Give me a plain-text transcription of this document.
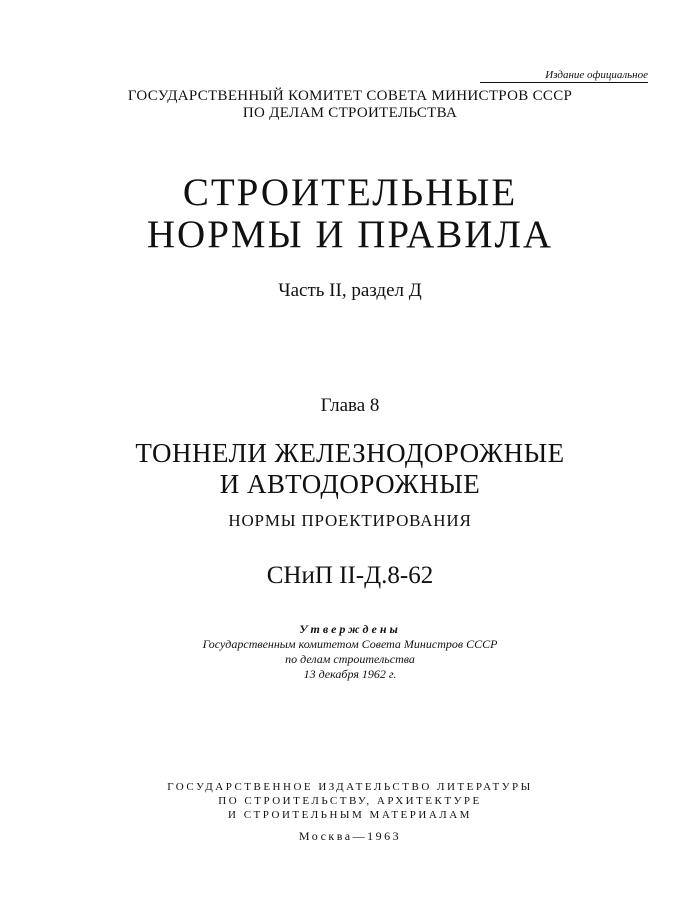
Издание официальное
ГОСУДАРСТВЕННЫЙ КОМИТЕТ СОВЕТА МИНИСТРОВ СССР
ПО ДЕЛАМ СТРОИТЕЛЬСТВА
СТРОИТЕЛЬНЫЕ
НОРМЫ И ПРАВИЛА
Часть II, раздел Д
Глава 8
ТОННЕЛИ ЖЕЛЕЗНОДОРОЖНЫЕ
И АВТОДОРОЖНЫЕ
НОРМЫ ПРОЕКТИРОВАНИЯ
СНиП II-Д.8-62
Утверждены
Государственным комитетом Совета Министров СССР
по делам строительства
13 декабря 1962 г.
ГОСУДАРСТВЕННОЕ ИЗДАТЕЛЬСТВО ЛИТЕРАТУРЫ
ПО СТРОИТЕЛЬСТВУ, АРХИТЕКТУРЕ
И СТРОИТЕЛЬНЫМ МАТЕРИАЛАМ
Москва—1963
